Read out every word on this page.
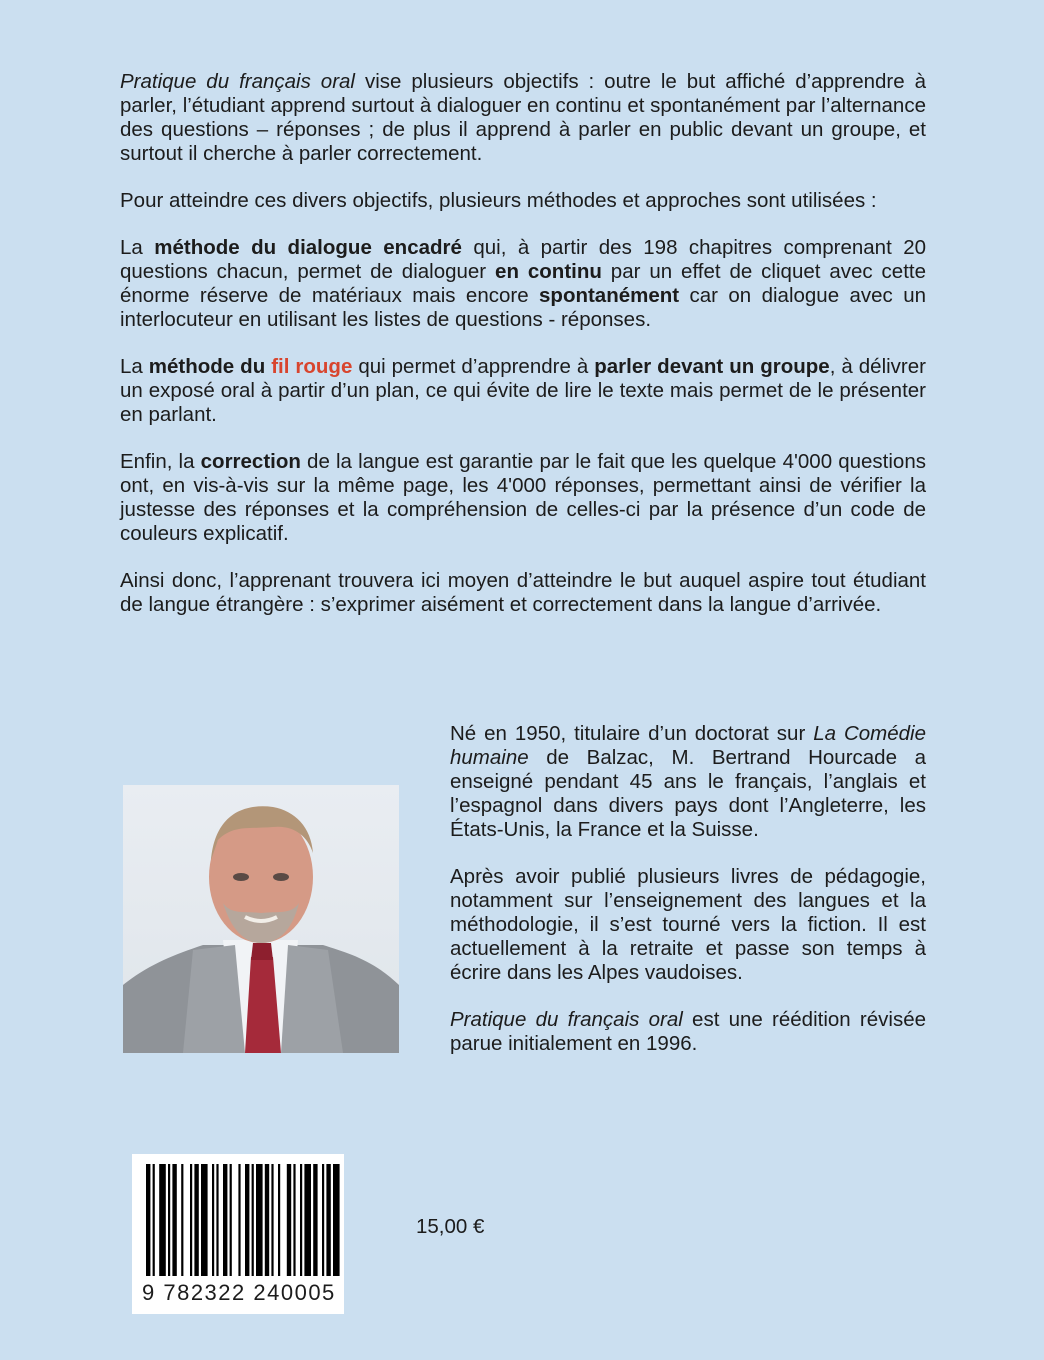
Pratique du français oral vise plusieurs objectifs : outre le but affiché d’apprendre à parler, l’étudiant apprend surtout à dialoguer en continu et spontanément par l’alternance des questions – réponses ; de plus il apprend à parler en public devant un groupe, et surtout il cherche à parler correctement.

Pour atteindre ces divers objectifs, plusieurs méthodes et approches sont utilisées :

La méthode du dialogue encadré qui, à partir des 198 chapitres comprenant 20 questions chacun, permet de dialoguer en continu par un effet de cliquet avec cette énorme réserve de matériaux mais encore spontanément car on dialogue avec un interlocuteur en utilisant les listes de questions - réponses.

La méthode du fil rouge qui permet d’apprendre à parler devant un groupe, à délivrer un exposé oral à partir d’un plan, ce qui évite de lire le texte mais permet de le présenter en parlant.

Enfin, la correction de la langue est garantie par le fait que les quelque 4'000 questions ont, en vis-à-vis sur la même page, les 4'000 réponses, permettant ainsi de vérifier la justesse des réponses et la compréhension de celles-ci par la présence d’un code de couleurs explicatif.

Ainsi donc, l’apprenant trouvera ici moyen d’atteindre le but auquel aspire tout étudiant de langue étrangère : s’exprimer aisément et correctement dans la langue d’arrivée.

Né en 1950, titulaire d’un doctorat sur La Comédie humaine de Balzac, M. Bertrand Hourcade a enseigné pendant 45 ans le français, l’anglais et l’espagnol dans divers pays dont l’Angleterre, les États-Unis, la France et la Suisse.

Après avoir publié plusieurs livres de pédagogie, notamment sur l’enseignement des langues et la méthodologie, il s’est tourné vers la fiction. Il est actuellement à la retraite et passe son temps à écrire dans les Alpes vaudoises.

Pratique du français oral est une réédition révisée parue initialement en 1996.

9 782322 240005
15,00 €
